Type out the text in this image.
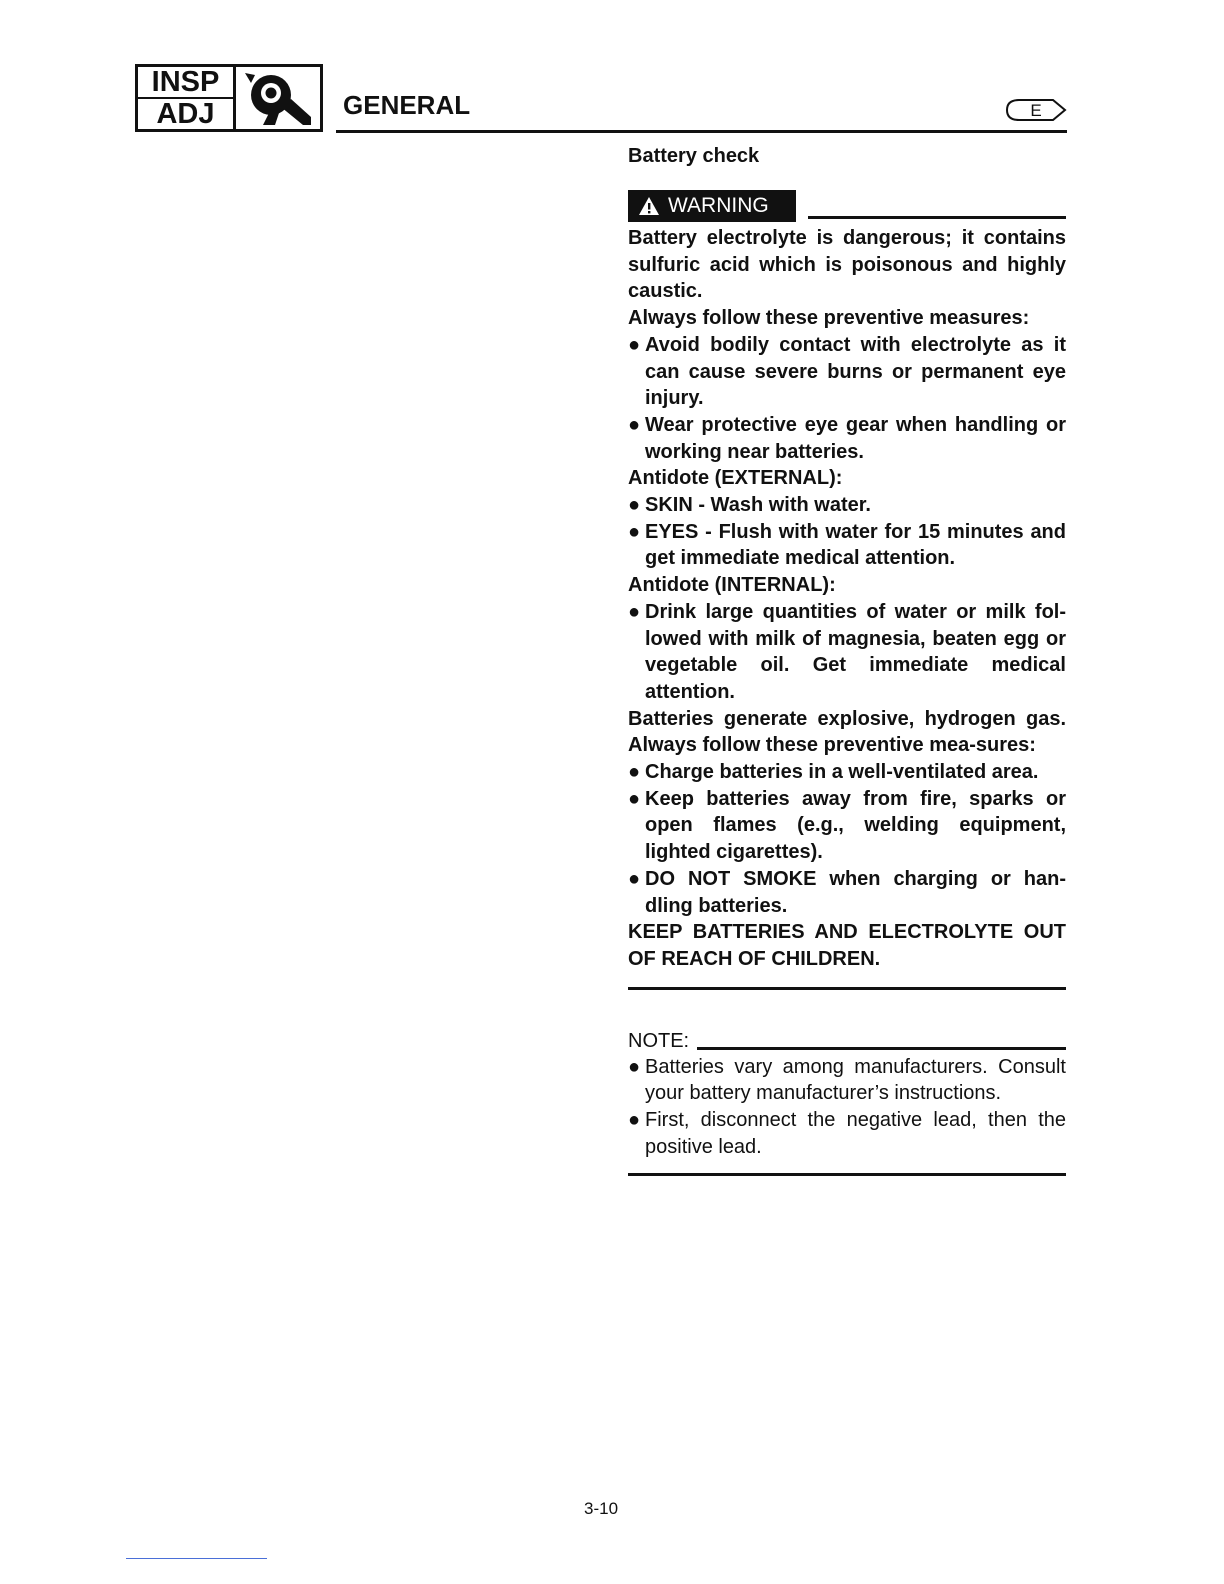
INSP
ADJ	GENERAL	E
Battery check
WARNING

Battery electrolyte is dangerous; it contains sulfuric acid which is poisonous and highly caustic.

Always follow these preventive measures:

● Avoid bodily contact with electrolyte as it can cause severe burns or permanent eye injury.

● Wear protective eye gear when handling or working near batteries.

Antidote (EXTERNAL):

● SKIN - Wash with water.

● EYES - Flush with water for 15 minutes and get immediate medical attention.

Antidote (INTERNAL):

● Drink large quantities of water or milk fol-lowed with milk of magnesia, beaten egg or vegetable oil. Get immediate medical attention.

Batteries generate explosive, hydrogen gas. Always follow these preventive mea-sures:

● Charge batteries in a well-ventilated area.

● Keep batteries away from fire, sparks or open flames (e.g., welding equipment, lighted cigarettes).

● DO NOT SMOKE when charging or han-dling batteries.

KEEP BATTERIES AND ELECTROLYTE OUT OF REACH OF CHILDREN.

NOTE:

● Batteries vary among manufacturers. Consult your battery manufacturer’s instructions.

● First, disconnect the negative lead, then the positive lead.

3-10
